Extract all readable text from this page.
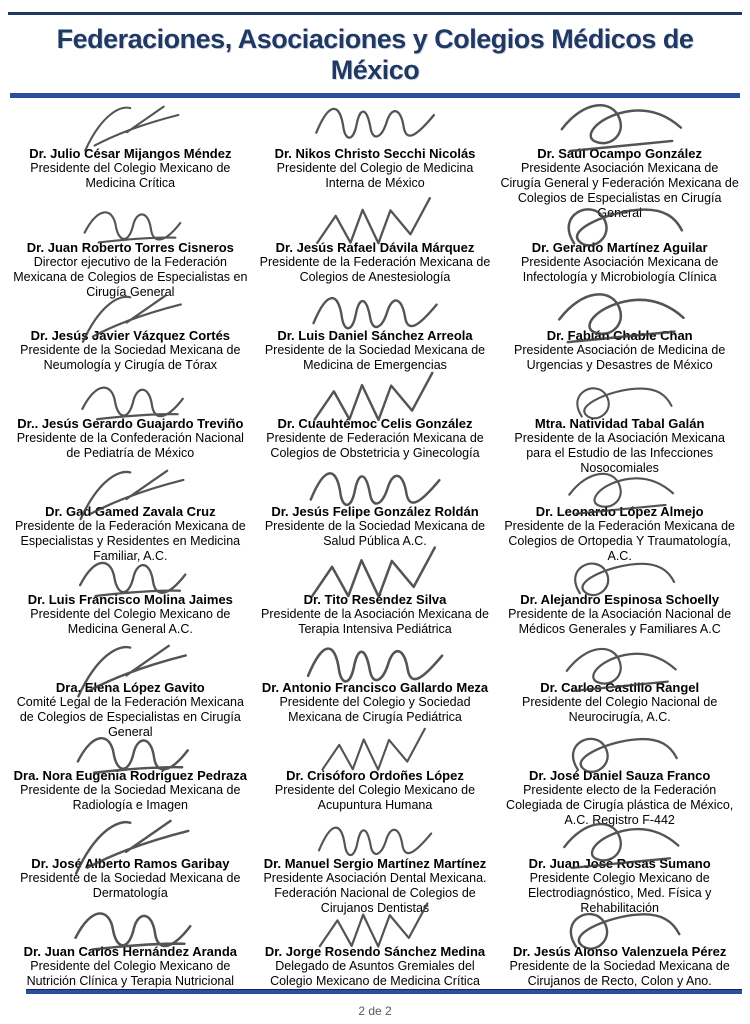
Federaciones, Asociaciones y Colegios Médicos de México
Dr. Julio César Mijangos Méndez
Presidente del Colegio Mexicano de Medicina Crítica
Dr. Nikos Christo Secchi Nicolás
Presidente del Colegio de Medicina Interna de México
Dr. Saúl Ocampo González
Presidente Asociación Mexicana de Cirugía General y Federación Mexicana de Colegios de Especialistas en Cirugía General
Dr. Juan Roberto Torres Cisneros
Director ejecutivo de la Federación Mexicana de Colegios de Especialistas en Cirugía General
Dr. Jesús Rafael Dávila Márquez
Presidente de la Federación Mexicana de Colegios de Anestesiología
Dr. Gerardo Martínez Aguilar
Presidente Asociación Mexicana de Infectología y Microbiología Clínica
Dr. Jesús Javier Vázquez Cortés
Presidente de la Sociedad Mexicana de Neumología y Cirugía de Tórax
Dr. Luis Daniel Sánchez Arreola
Presidente de la Sociedad Mexicana de Medicina de Emergencias
Dr. Fabián Chable Chan
Presidente Asociación de Medicina de Urgencias y Desastres de México
Dr.. Jesús Gerardo Guajardo Treviño
Presidente de la Confederación Nacional de Pediatría de México
Dr. Cuauhtémoc Celis González
Presidente de Federación Mexicana de Colegios de Obstetricia y Ginecología
Mtra. Natividad Tabal Galán
Presidente de la Asociación Mexicana para el Estudio de las Infecciones Nosocomiales
Dr. Gad Gamed Zavala Cruz
Presidente de la Federación Mexicana de Especialistas y Residentes en Medicina Familiar, A.C.
Dr. Jesús Felipe González Roldán
Presidente de la Sociedad Mexicana de Salud Pública A.C.
Dr. Leonardo López Almejo
Presidente de la Federación Mexicana de Colegios de Ortopedia Y Traumatología, A.C.
Dr. Luis Francisco Molina Jaimes
Presidente del Colegio Mexicano de Medicina General A.C.
Dr. Tito Reséndez Silva
Presidente de la Asociación Mexicana de Terapia Intensiva Pediátrica
Dr. Alejandro Espinosa Schoelly
Presidente de la Asociación Nacional de Médicos Generales y Familiares A.C
Dra. Elena López Gavito
Comité Legal de la Federación Mexicana de Colegios de Especialistas en Cirugía General
Dr. Antonio Francisco Gallardo Meza
Presidente del Colegio y Sociedad Mexicana de Cirugía Pediátrica
Dr. Carlos Castillo Rangel
Presidente del Colegio Nacional de Neurocirugía, A.C.
Dra. Nora Eugenia Rodríguez Pedraza
Presidente de la Sociedad Mexicana de Radiología e Imagen
Dr. Crisóforo Ordoñes López
Presidente del Colegio Mexicano de Acupuntura Humana
Dr. José Daniel Sauza Franco
Presidente electo de la Federación Colegiada de Cirugía plástica de México, A.C. Registro F-442
Dr. José Alberto Ramos Garibay
Presidente de la Sociedad Mexicana de Dermatología
Dr. Manuel Sergio Martínez Martínez
Presidente Asociación Dental Mexicana. Federación Nacional de Colegios de Cirujanos Dentistas
Dr. Juan José Rosas Sumano
Presidente Colegio Mexicano de Electrodiagnóstico, Med. Física y Rehabilitación
Dr. Juan Carlos Hernández Aranda
Presidente del Colegio Mexicano de Nutrición Clínica y Terapia Nutricional
Dr. Jorge Rosendo Sánchez Medina
Delegado de Asuntos Gremiales del Colegio Mexicano de Medicina Crítica
Dr. Jesús Alonso Valenzuela Pérez
Presidente de la Sociedad Mexicana de Cirujanos de Recto, Colon y Ano.
2 de 2
